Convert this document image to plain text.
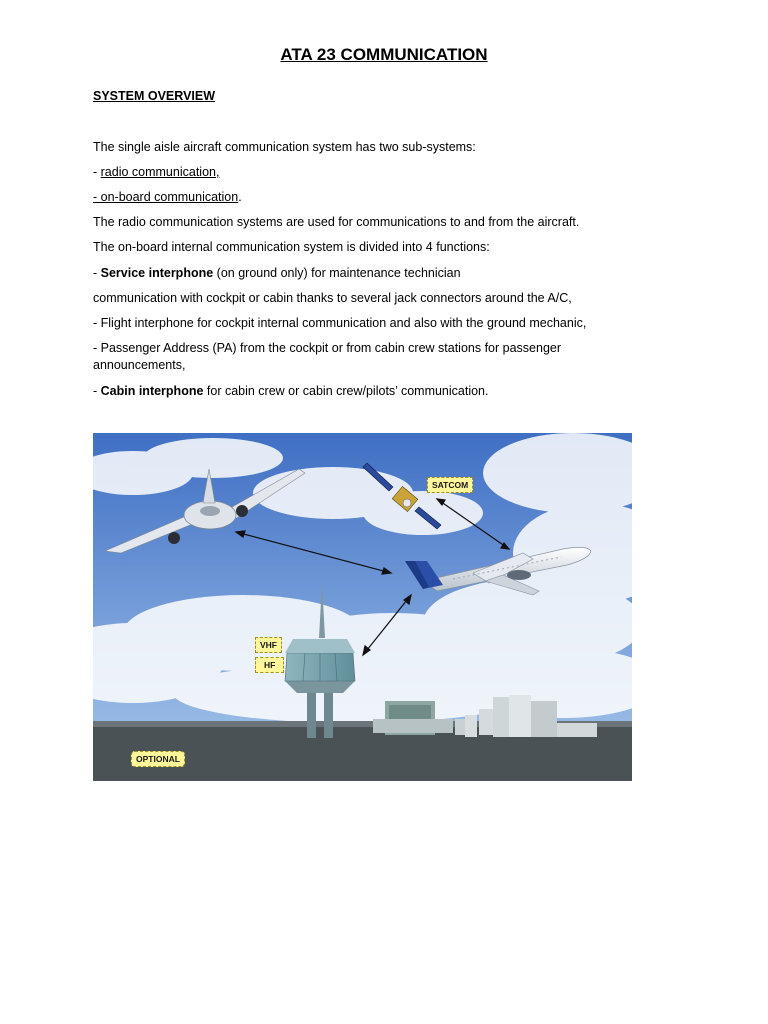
ATA 23 COMMUNICATION

SYSTEM OVERVIEW

The single aisle aircraft communication system has two sub-systems:

- radio communication,

- on-board communication.

The radio communication systems are used for communications to and from the aircraft.

The on-board internal communication system is divided into 4 functions:

- Service interphone (on ground only) for maintenance technician

communication with cockpit or cabin thanks to several jack connectors around the A/C,

- Flight interphone for cockpit internal communication and also with the ground mechanic,

- Passenger Address (PA) from the cockpit or from cabin crew stations for passenger

announcements,

- Cabin interphone for cabin crew or cabin crew/pilots’ communication.

SATCOM
VHF
HF
OPTIONAL
